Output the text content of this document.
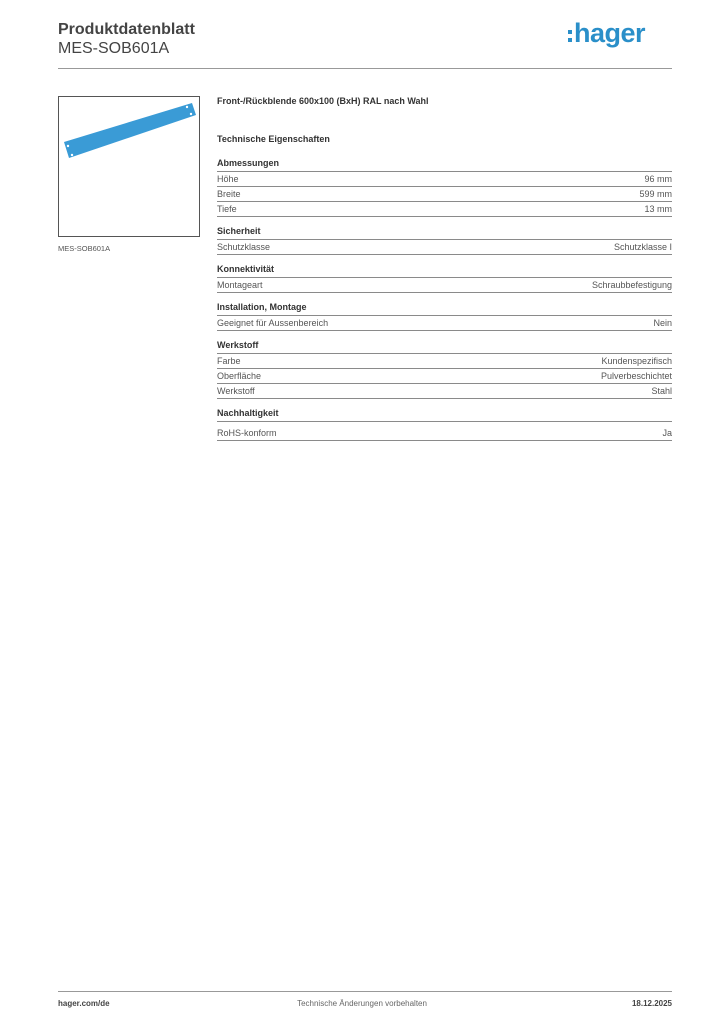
Produktdatenblatt
MES-SOB601A
hager
MES-SOB601A
Front-/Rückblende 600x100 (BxH) RAL nach Wahl
Technische Eigenschaften
Abmessungen
Höhe	96 mm
Breite	599 mm
Tiefe	13 mm
Sicherheit
Schutzklasse	Schutzklasse I
Konnektivität
Montageart	Schraubbefestigung
Installation, Montage
Geeignet für Aussenbereich	Nein
Werkstoff
Farbe	Kundenspezifisch
Oberfläche	Pulverbeschichtet
Werkstoff	Stahl
Nachhaltigkeit
RoHS-konform	Ja
hager.com/de	Technische Änderungen vorbehalten	18.12.2025
